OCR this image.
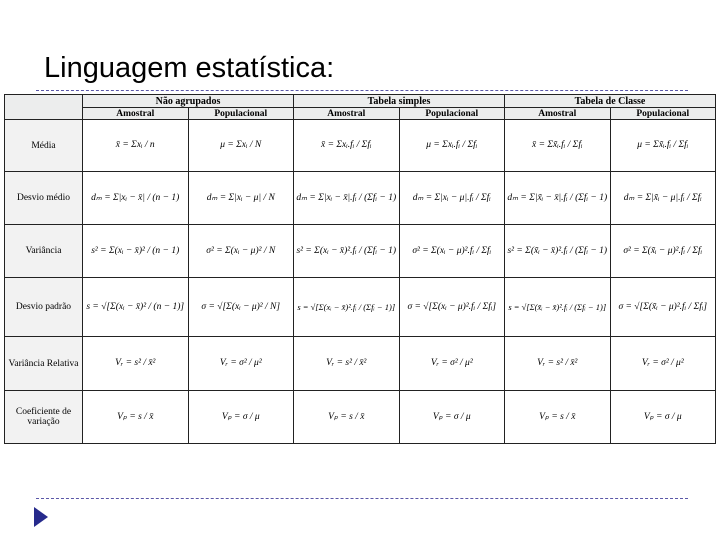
Linguagem estatística:
	Não agrupados		Tabela simples		Tabela de Classe	
	Amostral	Populacional	Amostral	Populacional	Amostral	Populacional
Média	x̄ = Σxᵢ / n	μ = Σxᵢ / N	x̄ = Σxᵢ.fᵢ / Σfᵢ	μ = Σxᵢ.fᵢ / Σfᵢ	x̄ = Σx̃ᵢ.fᵢ / Σfᵢ	μ = Σx̃ᵢ.fᵢ / Σfᵢ
Desvio médio	dₘ = Σ|xᵢ − x̄| / (n − 1)	dₘ = Σ|xᵢ − μ| / N	dₘ = Σ|xᵢ − x̄|.fᵢ / (Σfᵢ − 1)	dₘ = Σ|xᵢ − μ|.fᵢ / Σfᵢ	dₘ = Σ|x̃ᵢ − x̄|.fᵢ / (Σfᵢ − 1)	dₘ = Σ|x̃ᵢ − μ|.fᵢ / Σfᵢ
Variância	s² = Σ(xᵢ − x̄)² / (n − 1)	σ² = Σ(xᵢ − μ)² / N	s² = Σ(xᵢ − x̄)².fᵢ / (Σfᵢ − 1)	σ² = Σ(xᵢ − μ)².fᵢ / Σfᵢ	s² = Σ(x̃ᵢ − x̄)².fᵢ / (Σfᵢ − 1)	σ² = Σ(x̃ᵢ − μ)².fᵢ / Σfᵢ
Desvio padrão	s = √[Σ(xᵢ − x̄)² / (n − 1)]	σ = √[Σ(xᵢ − μ)² / N]	s = √[Σ(xᵢ − x̄)².fᵢ / (Σfᵢ − 1)]	σ = √[Σ(xᵢ − μ)².fᵢ / Σfᵢ]	s = √[Σ(x̃ᵢ − x̄)².fᵢ / (Σfᵢ − 1)]	σ = √[Σ(x̃ᵢ − μ)².fᵢ / Σfᵢ]
Variância Relativa	Vᵣ = s² / x̄²	Vᵣ = σ² / μ²	Vᵣ = s² / x̄²	Vᵣ = σ² / μ²	Vᵣ = s² / x̄²	Vᵣ = σ² / μ²
Coeficiente de variação	Vₚ = s / x̄	Vₚ = σ / μ	Vₚ = s / x̄	Vₚ = σ / μ	Vₚ = s / x̄	Vₚ = σ / μ
